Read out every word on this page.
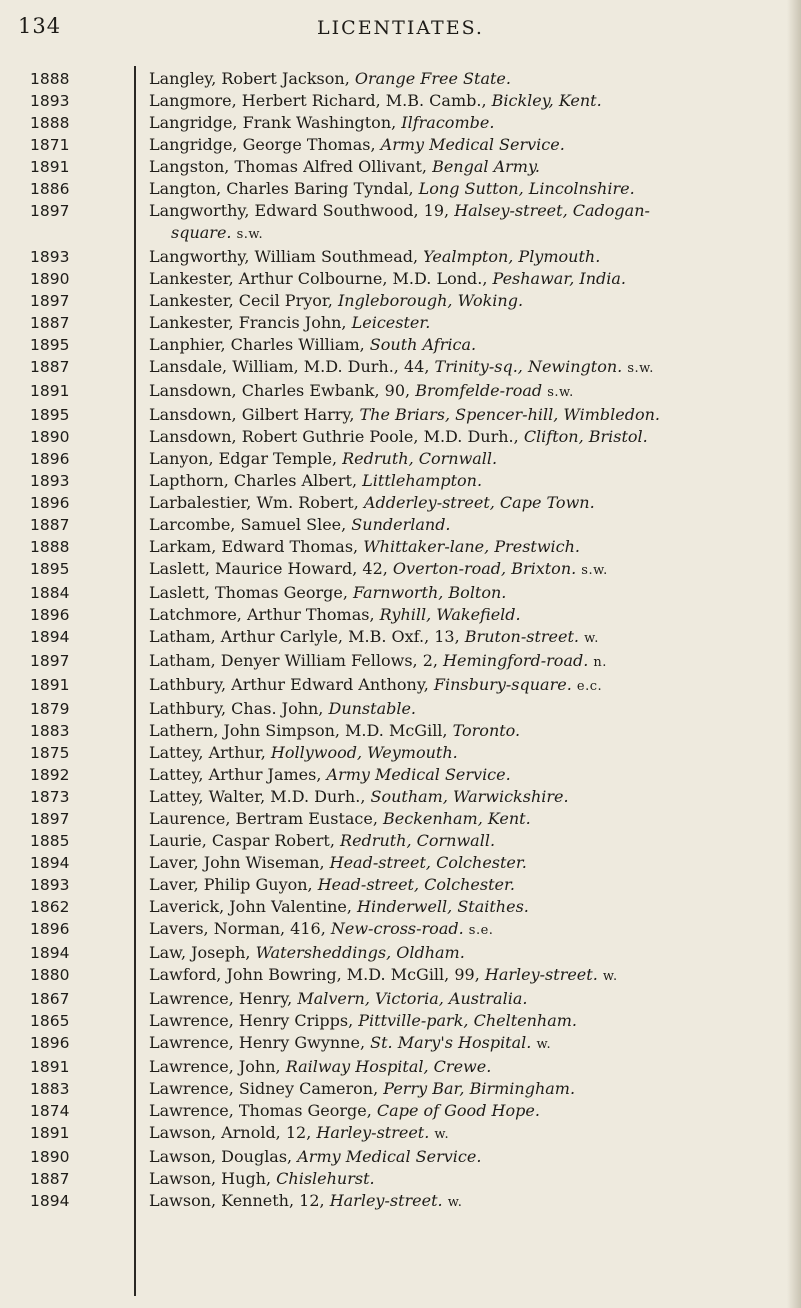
134	LICENTIATES.
1888	Langley, Robert Jackson, Orange Free State.
1893	Langmore, Herbert Richard, M.B. Camb., Bickley, Kent.
1888	Langridge, Frank Washington, Ilfracombe.
1871	Langridge, George Thomas, Army Medical Service.
1891	Langston, Thomas Alfred Ollivant, Bengal Army.
1886	Langton, Charles Baring Tyndal, Long Sutton, Lincolnshire.
1897	Langworthy, Edward Southwood, 19, Halsey-street, Cadogan-
square. s.w.
1893	Langworthy, William Southmead, Yealmpton, Plymouth.
1890	Lankester, Arthur Colbourne, M.D. Lond., Peshawar, India.
1897	Lankester, Cecil Pryor, Ingleborough, Woking.
1887	Lankester, Francis John, Leicester.
1895	Lanphier, Charles William, South Africa.
1887	Lansdale, William, M.D. Durh., 44, Trinity-sq., Newington. s.w.
1891	Lansdown, Charles Ewbank, 90, Bromfelde-road s.w.
1895	Lansdown, Gilbert Harry, The Briars, Spencer-hill, Wimbledon.
1890	Lansdown, Robert Guthrie Poole, M.D. Durh., Clifton, Bristol.
1896	Lanyon, Edgar Temple, Redruth, Cornwall.
1893	Lapthorn, Charles Albert, Littlehampton.
1896	Larbalestier, Wm. Robert, Adderley-street, Cape Town.
1887	Larcombe, Samuel Slee, Sunderland.
1888	Larkam, Edward Thomas, Whittaker-lane, Prestwich.
1895	Laslett, Maurice Howard, 42, Overton-road, Brixton. s.w.
1884	Laslett, Thomas George, Farnworth, Bolton.
1896	Latchmore, Arthur Thomas, Ryhill, Wakefield.
1894	Latham, Arthur Carlyle, M.B. Oxf., 13, Bruton-street. w.
1897	Latham, Denyer William Fellows, 2, Hemingford-road. n.
1891	Lathbury, Arthur Edward Anthony, Finsbury-square. e.c.
1879	Lathbury, Chas. John, Dunstable.
1883	Lathern, John Simpson, M.D. McGill, Toronto.
1875	Lattey, Arthur, Hollywood, Weymouth.
1892	Lattey, Arthur James, Army Medical Service.
1873	Lattey, Walter, M.D. Durh., Southam, Warwickshire.
1897	Laurence, Bertram Eustace, Beckenham, Kent.
1885	Laurie, Caspar Robert, Redruth, Cornwall.
1894	Laver, John Wiseman, Head-street, Colchester.
1893	Laver, Philip Guyon, Head-street, Colchester.
1862	Laverick, John Valentine, Hinderwell, Staithes.
1896	Lavers, Norman, 416, New-cross-road. s.e.
1894	Law, Joseph, Watersheddings, Oldham.
1880	Lawford, John Bowring, M.D. McGill, 99, Harley-street. w.
1867	Lawrence, Henry, Malvern, Victoria, Australia.
1865	Lawrence, Henry Cripps, Pittville-park, Cheltenham.
1896	Lawrence, Henry Gwynne, St. Mary's Hospital. w.
1891	Lawrence, John, Railway Hospital, Crewe.
1883	Lawrence, Sidney Cameron, Perry Bar, Birmingham.
1874	Lawrence, Thomas George, Cape of Good Hope.
1891	Lawson, Arnold, 12, Harley-street. w.
1890	Lawson, Douglas, Army Medical Service.
1887	Lawson, Hugh, Chislehurst.
1894	Lawson, Kenneth, 12, Harley-street. w.
